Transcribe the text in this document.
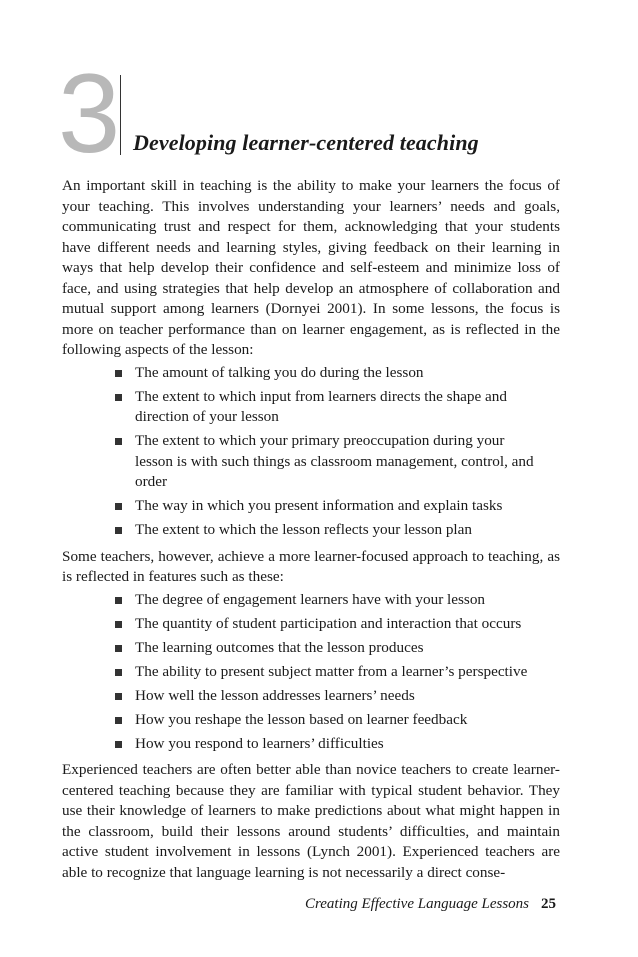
3 Developing learner-centered teaching

An important skill in teaching is the ability to make your learners the focus of your teaching. This involves understanding your learners’ needs and goals, communicating trust and respect for them, acknowledging that your students have different needs and learning styles, giving feedback on their learning in ways that help develop their confidence and self-esteem and minimize loss of face, and using strategies that help develop an atmosphere of collaboration and mutual support among learners (Dornyei 2001). In some lessons, the focus is more on teacher performance than on learner engagement, as is reflected in the following aspects of the lesson:

The amount of talking you do during the lesson
The extent to which input from learners directs the shape and direction of your lesson
The extent to which your primary preoccupation during your lesson is with such things as classroom management, control, and order
The way in which you present information and explain tasks
The extent to which the lesson reflects your lesson plan

Some teachers, however, achieve a more learner-focused approach to teaching, as is reflected in features such as these:

The degree of engagement learners have with your lesson
The quantity of student participation and interaction that occurs
The learning outcomes that the lesson produces
The ability to present subject matter from a learner’s perspective
How well the lesson addresses learners’ needs
How you reshape the lesson based on learner feedback
How you respond to learners’ difficulties

Experienced teachers are often better able than novice teachers to create learner-centered teaching because they are familiar with typical student behavior. They use their knowledge of learners to make predictions about what might happen in the classroom, build their lessons around students’ difficulties, and maintain active student involvement in lessons (Lynch 2001). Experienced teachers are able to recognize that language learning is not necessarily a direct conse-

Creating Effective Language Lessons 25
